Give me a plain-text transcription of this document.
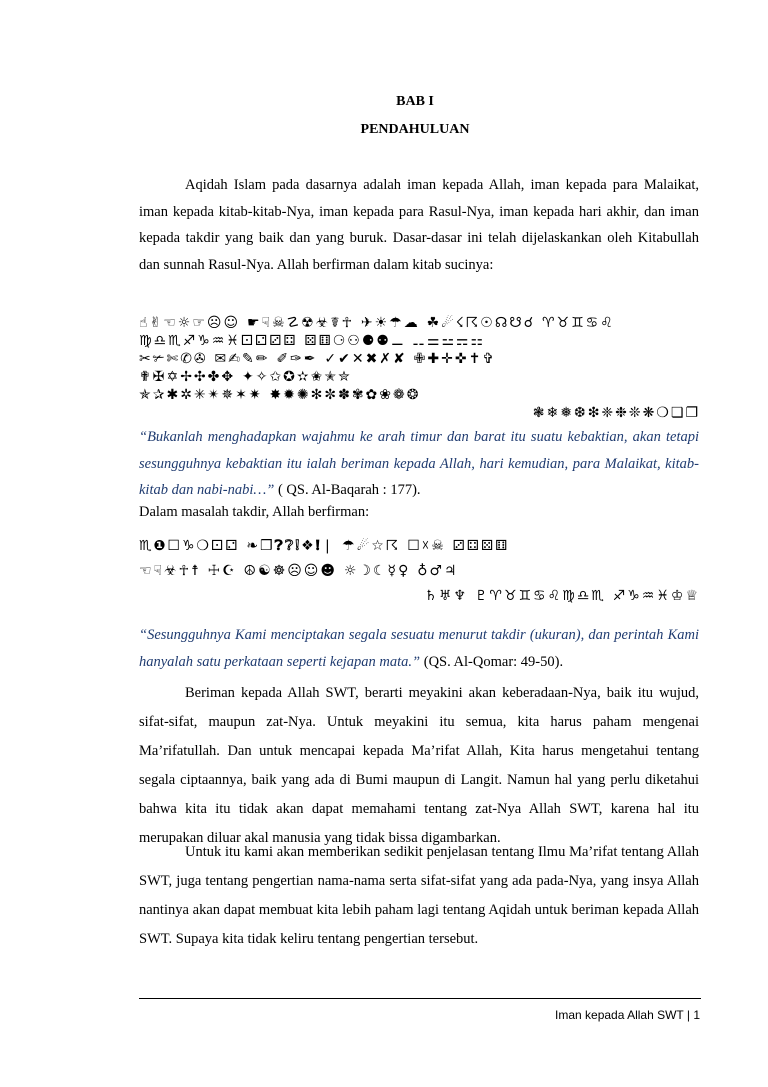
BAB I
PENDAHULUAN

Aqidah Islam pada dasarnya adalah iman kepada Allah, iman kepada para Malaikat, iman kepada kitab-kitab-Nya, iman kepada para Rasul-Nya, iman kepada hari akhir, dan iman kepada takdir yang baik dan yang buruk. Dasar-dasar ini telah dijelaskankan oleh Kitabullah dan sunnah Rasul-Nya. Allah berfirman dalam kitab sucinya:

☝︎✌︎☜︎☼︎☞︎☹︎☺︎ ☛︎☟︎☠︎☡︎☢︎☣︎☤︎☥︎ ✈︎☀︎☂︎☁︎ ☘︎☄︎☇︎☈︎☉︎☊︎☋︎☌︎ ♈︎♉︎♊︎♋︎♌︎
♍︎♎︎♏︎♐︎♑︎♒︎♓︎⚀︎⚁︎⚂︎⚃︎ ⚄︎⚅︎⚆︎⚇︎⚈︎⚉︎⚊︎ ⚋︎⚌︎⚍︎⚎︎⚏︎
✂︎✃︎✄︎✆︎✇︎ ✉︎✍︎✎︎✏︎ ✐︎✑︎✒︎ ✓︎✔︎✕︎✖︎✗︎✘︎ ✙︎✚︎✛︎✜︎✝︎✞︎
✟︎✠︎✡︎✢︎✣︎✤︎✥︎ ✦︎✧︎✩︎✪︎✫︎✬︎✭︎✮︎
✯︎✰︎✱︎✲︎✳︎✴︎✵︎✶︎✷︎ ✸︎✹︎✺︎✻︎✼︎✽︎✾︎✿︎❀︎❁︎❂︎
❃︎❄︎❅︎❆︎❇︎❈︎❉︎❊︎❋︎❍︎❏︎❐︎

“Bukanlah menghadapkan wajahmu ke arah timur dan barat itu suatu kebaktian, akan tetapi sesungguhnya kebaktian itu ialah beriman kepada Allah, hari kemudian, para Malaikat, kitab-kitab dan nabi-nabi…” ( QS. Al-Baqarah : 177).

Dalam masalah takdir, Allah berfirman:

♏︎❶︎☐︎♑︎❍︎⚀︎⚁︎ ❧︎❒︎❓︎❔︎❕︎❖︎❗︎❘︎ ☂︎☄︎☆︎☈︎ ☐︎☓︎☠︎ ⚂︎⚃︎⚄︎⚅︎
☜︎☟︎☣︎☥︎☨︎ ☩︎☪︎ ☮︎☯︎☸︎☹︎☺︎☻︎ ☼︎☽︎☾︎☿︎♀︎ ♁︎♂︎♃︎
♄︎♅︎♆︎ ♇︎♈︎♉︎♊︎♋︎♌︎♍︎♎︎♏︎ ♐︎♑︎♒︎♓︎♔︎♕︎

“Sesungguhnya Kami menciptakan segala sesuatu menurut takdir (ukuran), dan perintah Kami hanyalah satu perkataan seperti kejapan mata.” (QS. Al-Qomar: 49-50).

Beriman kepada Allah SWT, berarti meyakini akan keberadaan-Nya, baik itu wujud, sifat-sifat, maupun zat-Nya. Untuk meyakini itu semua, kita harus paham mengenai Ma’rifatullah. Dan untuk mencapai kepada Ma’rifat Allah, Kita harus mengetahui tentang segala ciptaannya, baik yang ada di Bumi maupun di Langit. Namun hal yang perlu diketahui bahwa kita itu tidak akan dapat memahami tentang zat-Nya Allah SWT, karena hal itu merupakan diluar akal manusia yang tidak bissa digambarkan.

Untuk itu kami akan memberikan sedikit penjelasan tentang Ilmu Ma’rifat tentang Allah SWT, juga tentang pengertian nama-nama serta sifat-sifat yang ada pada-Nya, yang insya Allah nantinya akan dapat membuat kita lebih paham lagi tentang Aqidah untuk beriman kepada Allah SWT. Supaya kita tidak keliru tentang pengertian tersebut.

Iman kepada Allah SWT | 1
